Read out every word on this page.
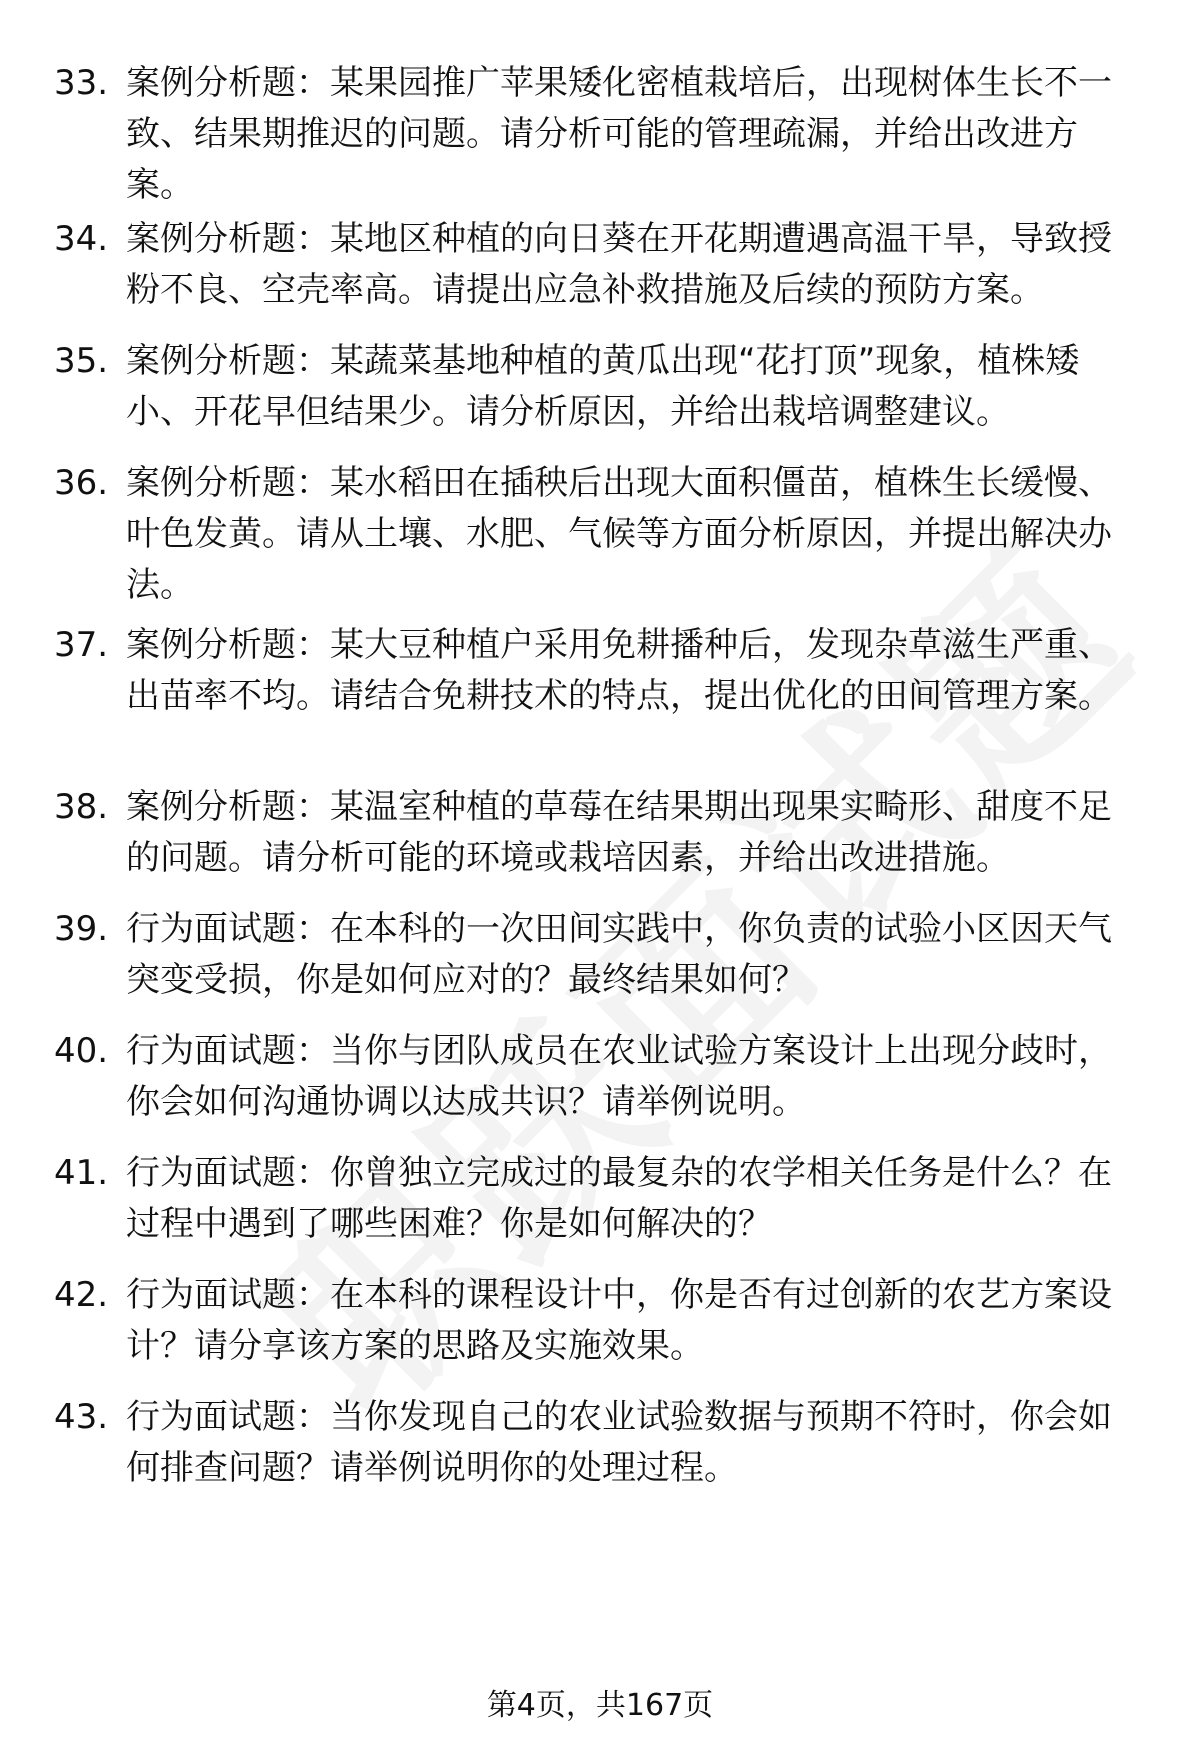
33. 案例分析题：某果园推广苹果矮化密植栽培后，出现树体生长不一致、结果期推迟的问题。请分析可能的管理疏漏，并给出改进方案。
34. 案例分析题：某地区种植的向日葵在开花期遭遇高温干旱，导致授粉不良、空壳率高。请提出应急补救措施及后续的预防方案。
35. 案例分析题：某蔬菜基地种植的黄瓜出现“花打顶”现象，植株矮小、开花早但结果少。请分析原因，并给出栽培调整建议。
36. 案例分析题：某水稻田在插秧后出现大面积僵苗，植株生长缓慢、叶色发黄。请从土壤、水肥、气候等方面分析原因，并提出解决办法。
37. 案例分析题：某大豆种植户采用免耕播种后，发现杂草滋生严重、出苗率不均。请结合免耕技术的特点，提出优化的田间管理方案。
38. 案例分析题：某温室种植的草莓在结果期出现果实畸形、甜度不足的问题。请分析可能的环境或栽培因素，并给出改进措施。
39. 行为面试题：在本科的一次田间实践中，你负责的试验小区因天气突变受损，你是如何应对的？最终结果如何？
40. 行为面试题：当你与团队成员在农业试验方案设计上出现分歧时，你会如何沟通协调以达成共识？请举例说明。
41. 行为面试题：你曾独立完成过的最复杂的农学相关任务是什么？在过程中遇到了哪些困难？你是如何解决的？
42. 行为面试题：在本科的课程设计中，你是否有过创新的农艺方案设计？请分享该方案的思路及实施效果。
43. 行为面试题：当你发现自己的农业试验数据与预期不符时，你会如何排查问题？请举例说明你的处理过程。
第4页，共167页
